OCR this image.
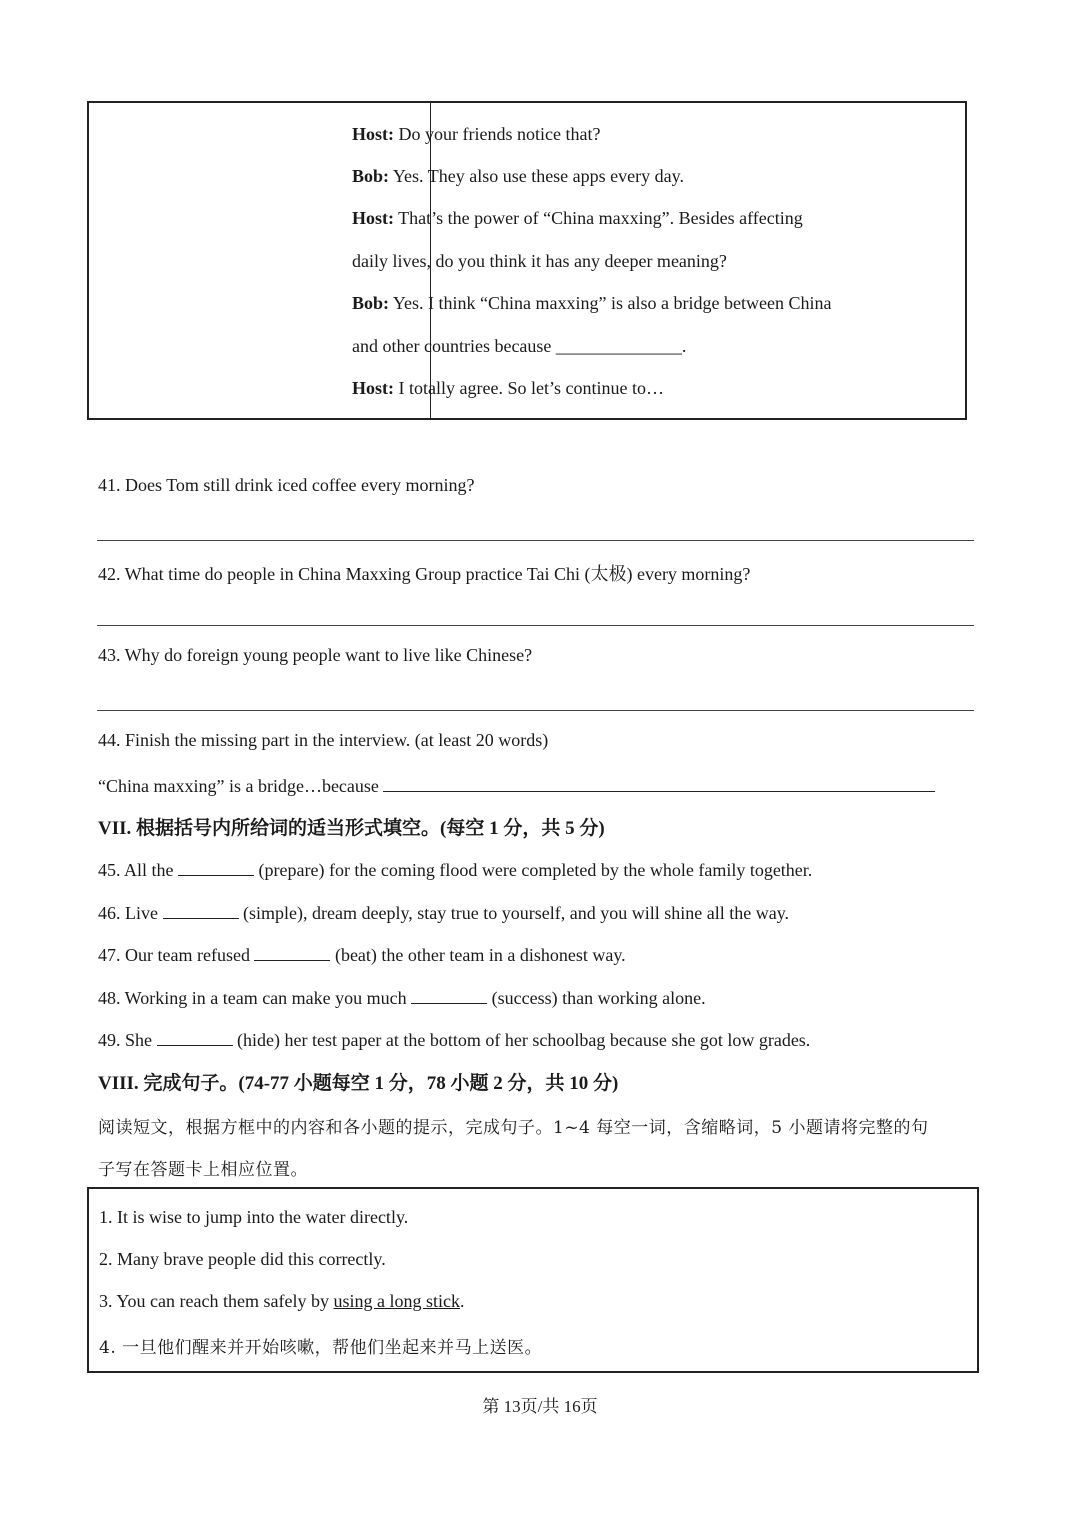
Host: Do your friends notice that?
Bob: Yes. They also use these apps every day.
Host: That’s the power of “China maxxing”. Besides affecting
daily lives, do you think it has any deeper meaning?
Bob: Yes. I think “China maxxing” is also a bridge between China
and other countries because ______________.
Host: I totally agree. So let’s continue to…
41. Does Tom still drink iced coffee every morning?
42. What time do people in China Maxxing Group practice Tai Chi (太极) every morning?
43. Why do foreign young people want to live like Chinese?
44. Finish the missing part in the interview. (at least 20 words)
“China maxxing” is a bridge…because
VII. 根据括号内所给词的适当形式填空。(每空 1 分，共 5 分)
45. All the	(prepare) for the coming flood were completed by the whole family together.
46. Live	(simple), dream deeply, stay true to yourself, and you will shine all the way.
47. Our team refused	(beat) the other team in a dishonest way.
48. Working in a team can make you much	(success) than working alone.
49. She	(hide) her test paper at the bottom of her schoolbag because she got low grades.
VIII. 完成句子。(74-77 小题每空 1 分，78 小题 2 分，共 10 分)
阅读短文，根据方框中的内容和各小题的提示，完成句子。1~4 每空一词，含缩略词，5 小题请将完整的句
子写在答题卡上相应位置。
1. It is wise to jump into the water directly.
2. Many brave people did this correctly.
3. You can reach them safely by using a long stick.
4. 一旦他们醒来并开始咳嗽，帮他们坐起来并马上送医。
第 13页/共 16页
